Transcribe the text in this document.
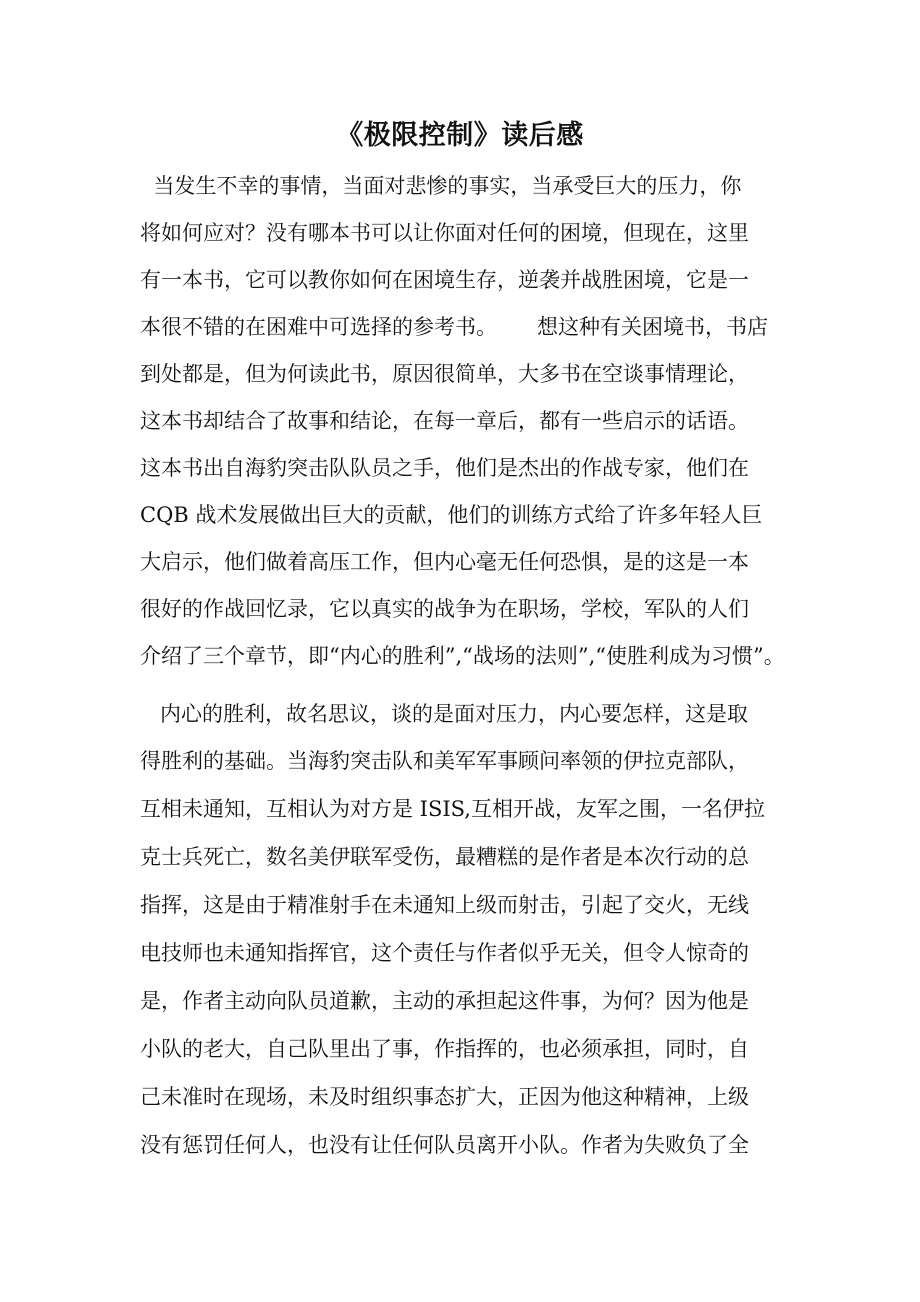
《极限控制》读后感

当发生不幸的事情，当面对悲惨的事实，当承受巨大的压力，你

将如何应对？没有哪本书可以让你面对任何的困境，但现在，这里

有一本书，它可以教你如何在困境生存，逆袭并战胜困境，它是一

本很不错的在困难中可选择的参考书。      想这种有关困境书，书店

到处都是，但为何读此书，原因很简单，大多书在空谈事情理论，

这本书却结合了故事和结论，在每一章后，都有一些启示的话语。

这本书出自海豹突击队队员之手，他们是杰出的作战专家，他们在

CQB 战术发展做出巨大的贡献，他们的训练方式给了许多年轻人巨

大启示，他们做着高压工作，但内心毫无任何恐惧，是的这是一本

很好的作战回忆录，它以真实的战争为在职场，学校，军队的人们

介绍了三个章节，即“内心的胜利”,“战场的法则”,“使胜利成为习惯”。

内心的胜利，故名思议，谈的是面对压力，内心要怎样，这是取

得胜利的基础。当海豹突击队和美军军事顾问率领的伊拉克部队，

互相未通知，互相认为对方是 ISIS,互相开战，友军之围，一名伊拉

克士兵死亡，数名美伊联军受伤，最糟糕的是作者是本次行动的总

指挥，这是由于精准射手在未通知上级而射击，引起了交火，无线

电技师也未通知指挥官，这个责任与作者似乎无关，但令人惊奇的

是，作者主动向队员道歉，主动的承担起这件事，为何？因为他是

小队的老大，自己队里出了事，作指挥的，也必须承担，同时，自

己未准时在现场，未及时组织事态扩大，正因为他这种精神，上级

没有惩罚任何人，也没有让任何队员离开小队。作者为失败负了全
